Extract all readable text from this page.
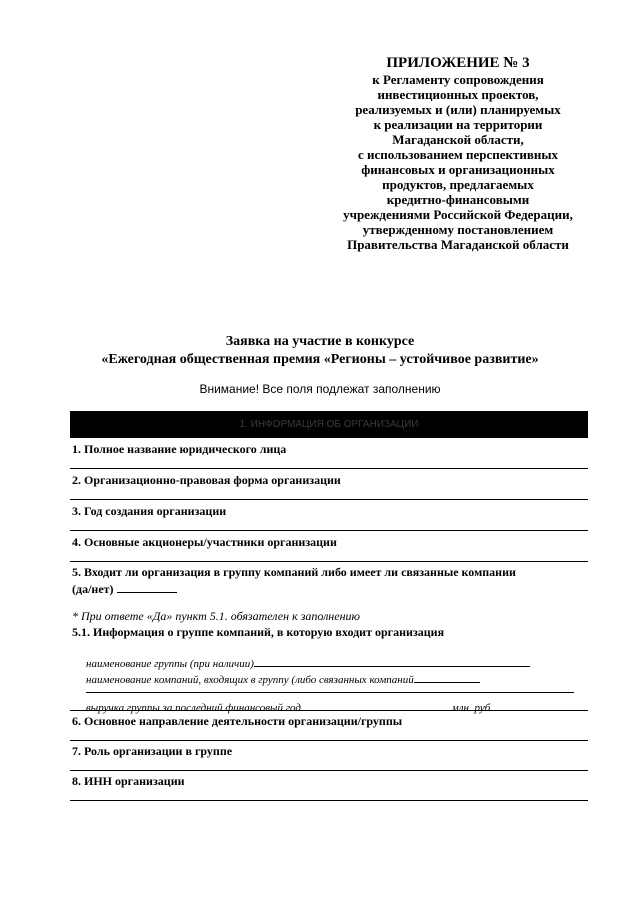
ПРИЛОЖЕНИЕ № 3
к Регламенту сопровождения
инвестиционных проектов,
реализуемых и (или) планируемых
к реализации на территории
Магаданской области,
с использованием перспективных
финансовых и организационных
продуктов, предлагаемых
кредитно-финансовыми
учреждениями Российской Федерации,
утвержденному постановлением
Правительства Магаданской области
Заявка на участие в конкурсе
«Ежегодная общественная премия «Регионы – устойчивое развитие»
Внимание! Все поля подлежат заполнению
1. ИНФОРМАЦИЯ ОБ ОРГАНИЗАЦИИ
1. Полное название юридического лица
2. Организационно-правовая форма организации
3. Год создания организации
4. Основные акционеры/участники организации
5. Входит ли организация в группу компаний либо имеет ли связанные компании
(да/нет)
* При ответе «Да» пункт 5.1. обязателен к заполнению
5.1. Информация о группе компаний, в которую входит организация
наименование группы (при наличии)
наименование компаний, входящих в группу (либо связанных компаний
выручка группы за последний финансовый год	млн. руб.
6. Основное направление деятельности организации/группы
7. Роль организации в группе
8. ИНН организации
